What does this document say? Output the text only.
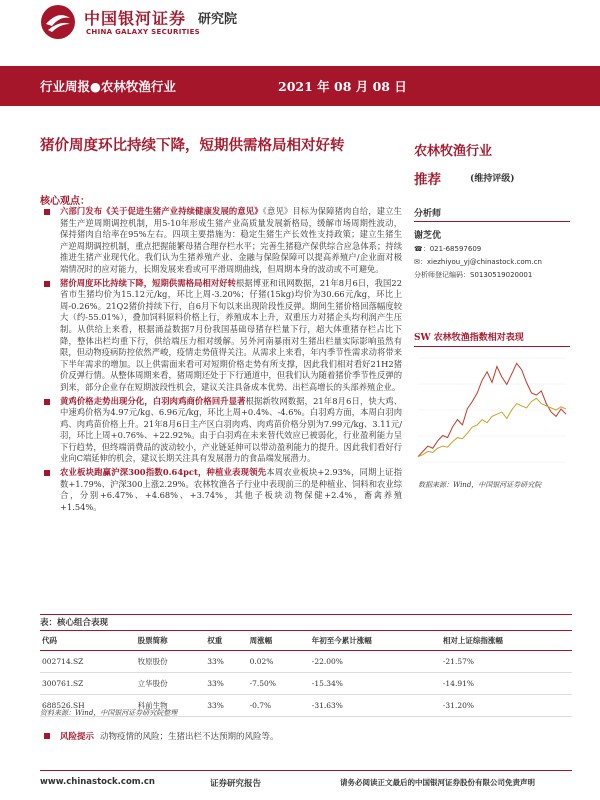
中国银河证券
CHINA GALAXY SECURITIES
研究院
行业周报●农林牧渔行业	2021 年 08 月 08 日
猪价周度环比持续下降，短期供需格局相对好转	农林牧渔行业
推荐	(维持评级)
核心观点：
六部门发布《关于促进生猪产业持续健康发展的意见》《意见》目标为保障猪肉自给，建立生猪生产逆周期调控机制，用5-10年形成生猪产业高质量发展新格局，缓解市场周期性波动，保持猪肉自给率在95%左右。四项主要措施为：稳定生猪生产长效性支持政策；建立生猪生产逆周期调控机制，重点把握能繁母猪合理存栏水平；完善生猪稳产保供综合应急体系；持续推进生猪产业现代化。我们认为生猪养殖产业、金融与保险保障可以提高养殖户/企业面对极端情况时的应对能力，长期发展来看或可平滑周期曲线，但周期本身的波动或不可避免。
猪价周度环比持续下降，短期供需格局相对好转根据博亚和讯网数据，21年8月6日，我国22省市生猪均价为15.12元/kg，环比上周-3.20%；仔猪(15kg)均价为30.66元/kg，环比上周-0.26%。21Q2猪价持续下行，自6月下旬以来出现阶段性反弹。期间生猪价格回落幅度较大（约-55.01%），叠加饲料原料价格上行，养殖成本上升，双重压力对猪企头均利润产生压制。从供给上来看，根据涌益数据7月份我国基础母猪存栏量下行，超大体重猪存栏占比下降，整体出栏均重下行，供给端压力相对缓解。另外河南暴雨对生猪出栏量实际影响虽然有限，但动物疫病防控依然严峻，疫情走势值得关注。从需求上来看，年内季节性需求动将带来下半年需求的增加。以上供需面来看可对短期价格走势有所支撑，因此我们相对看好21H2猪价反弹行情。从整体周期来看，猪周期还处于下行通道中，但我们认为随着猪价季节性反弹的到来，部分企业存在短期波段性机会，建议关注具备成本优势、出栏高增长的头部养殖企业。
黄鸡价格走势出现分化，白羽肉鸡商价格回升显著根据新牧网数据，21年8月6日，快大鸡、中速鸡价格为4.97元/kg、6.96元/kg，环比上周+0.4%、-4.6%。白羽鸡方面，本周白羽肉鸡、肉鸡苗价格上升。21年8月6日主产区白羽肉鸡、肉鸡苗价格分别为7.99元/kg、3.11元/羽，环比上周+0.76%、+22.92%。由于白羽鸡在未来替代效应已被弱化，行业盈利能力呈下行趋势，但终端消费品的波动较小，产业链延伸可以带动盈利能力的提升。因此我们看好行业向C端延伸的机会，建议长期关注具有发展潜力的食品端发展潜力。
农业板块跑赢沪深300指数0.64pct，种植业表现领先本周农业板块+2.93%，同期上证指数+1.79%、沪深300上涨2.29%。农林牧渔各子行业中表现前三的是种植业、饲料和农业综合，分别+6.47%、+4.68%、+3.74%，其他子板块动物保健+2.4%，畜禽养殖+1.54%。
分析师
谢芝优
☎：021-68597609
✉：xiezhiyou_yj@chinastock.com.cn
分析师登记编码：S0130519020001
SW 农林牧渔指数相对表现
数据来源：Wind，中国银河证券研究院
表：核心组合表现
代码	股票简称	权重	周涨幅	年初至今累计涨幅	相对上证综指涨幅
002714.SZ	牧原股份	33%	0.02%	-22.00%	-21.57%
300761.SZ	立华股份	33%	-7.50%	-15.34%	-14.91%
688526.SH	科前生物	33%	-0.7%	-31.63%	-31.20%
资料来源：Wind，中国银河证券研究院整理
风险提示 动物疫情的风险；生猪出栏不达预期的风险等。
www.chinastock.com.cn	证券研究报告	请务必阅读正文最后的中国银河证券股份有限公司免责声明
